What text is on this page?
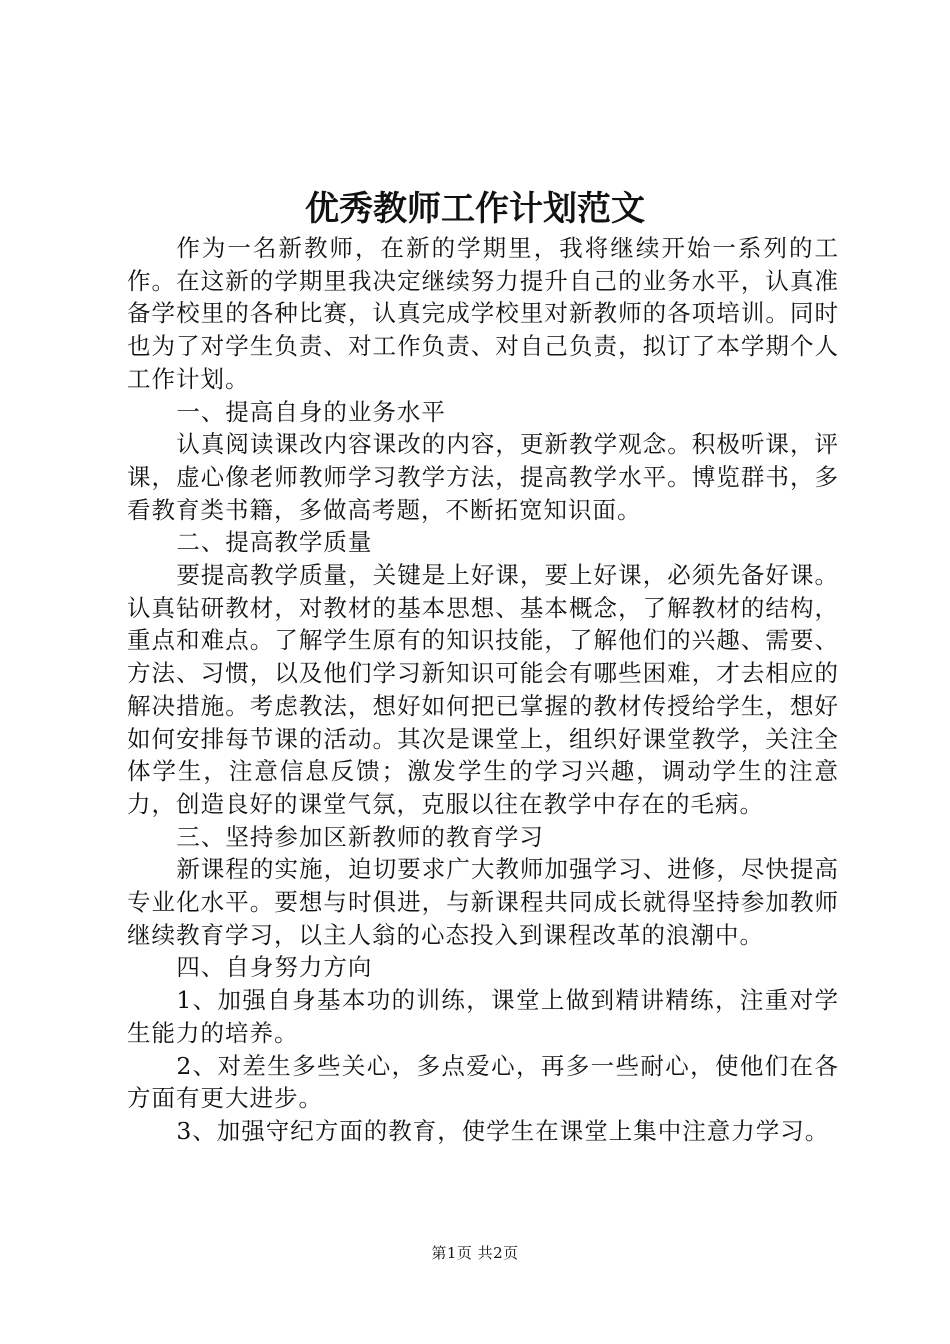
优秀教师工作计划范文

作为一名新教师，在新的学期里，我将继续开始一系列的工作。在这新的学期里我决定继续努力提升自己的业务水平，认真准备学校里的各种比赛，认真完成学校里对新教师的各项培训。同时也为了对学生负责、对工作负责、对自己负责，拟订了本学期个人工作计划。

一、提高自身的业务水平

认真阅读课改内容课改的内容，更新教学观念。积极听课，评课，虚心像老师教师学习教学方法，提高教学水平。博览群书，多看教育类书籍，多做高考题，不断拓宽知识面。

二、提高教学质量

要提高教学质量，关键是上好课，要上好课，必须先备好课。认真钻研教材，对教材的基本思想、基本概念，了解教材的结构，重点和难点。了解学生原有的知识技能，了解他们的兴趣、需要、方法、习惯，以及他们学习新知识可能会有哪些困难，才去相应的解决措施。考虑教法，想好如何把已掌握的教材传授给学生，想好如何安排每节课的活动。其次是课堂上，组织好课堂教学，关注全体学生，注意信息反馈；激发学生的学习兴趣，调动学生的注意力，创造良好的课堂气氛，克服以往在教学中存在的毛病。

三、坚持参加区新教师的教育学习

新课程的实施，迫切要求广大教师加强学习、进修，尽快提高专业化水平。要想与时俱进，与新课程共同成长就得坚持参加教师继续教育学习，以主人翁的心态投入到课程改革的浪潮中。

四、自身努力方向

1、加强自身基本功的训练，课堂上做到精讲精练，注重对学生能力的培养。

2、对差生多些关心，多点爱心，再多一些耐心，使他们在各方面有更大进步。

3、加强守纪方面的教育，使学生在课堂上集中注意力学习。

第1页 共2页
